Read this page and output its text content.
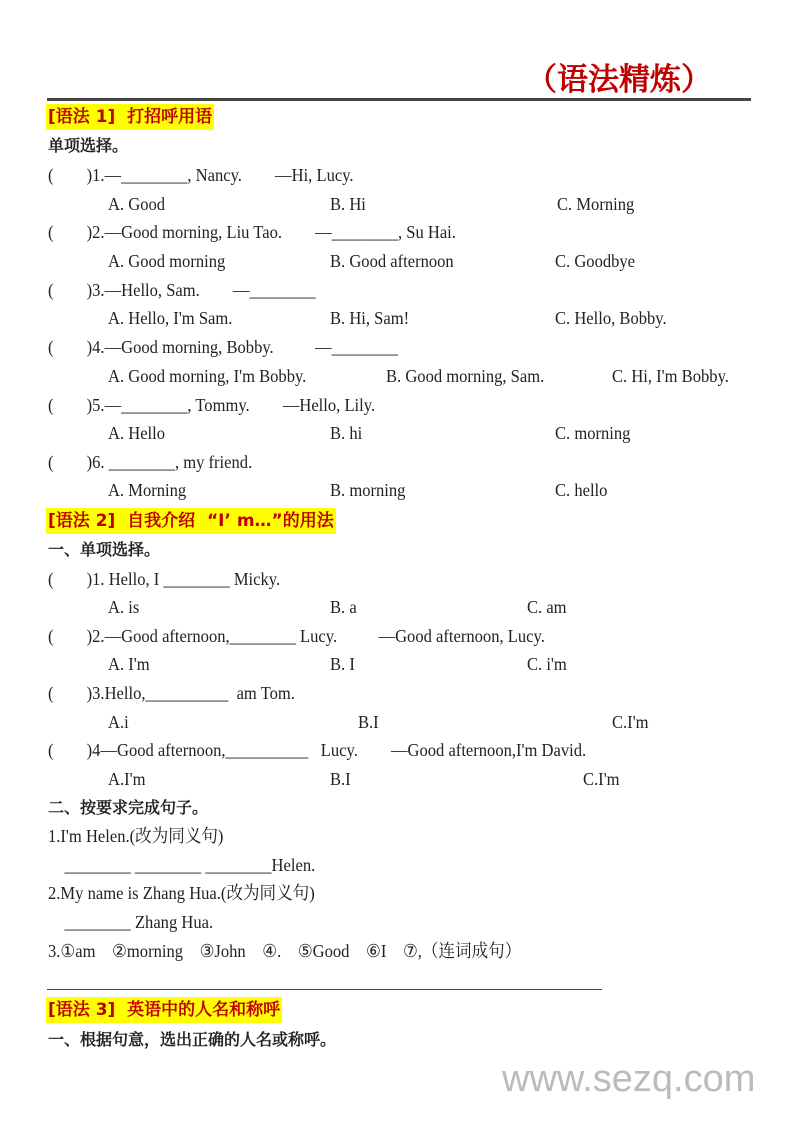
（语法精炼）
[语法 1]  打招呼用语
单项选择。
(        )1.—________, Nancy.        —Hi, Lucy.
A. Good	B. Hi	C. Morning
(        )2.—Good morning, Liu Tao.        —________, Su Hai.
A. Good morning	B. Good afternoon	C. Goodbye
(        )3.—Hello, Sam.        —________
A. Hello, I'm Sam.	B. Hi, Sam!	C. Hello, Bobby.
(        )4.—Good morning, Bobby.          —________
A. Good morning, I'm Bobby.	B. Good morning, Sam.	C. Hi, I'm Bobby.
(        )5.—________, Tommy.        —Hello, Lily.
A. Hello	B. hi	C. morning
(        )6. ________, my friend.
A. Morning	B. morning	C. hello
[语法 2]  自我介绍  “I’ m…”的用法
一、单项选择。
(        )1. Hello, I ________ Micky.
A. is	B. a	C. am
(        )2.—Good afternoon,________ Lucy.          —Good afternoon, Lucy.
A. I'm	B. I	C. i'm
(        )3.Hello,__________  am Tom.
A.i	B.I	C.I'm
(        )4—Good afternoon,__________   Lucy.        —Good afternoon,I'm David.
A.I'm	B.I	C.I'm
二、按要求完成句子。
1.I'm Helen.(改为同义句)
________ ________ ________Helen.
2.My name is Zhang Hua.(改为同义句)
________ Zhang Hua.
3.①am    ②morning    ③John    ④.    ⑤Good    ⑥I    ⑦,（连词成句）
[语法 3]  英语中的人名和称呼
一、根据句意，选出正确的人名或称呼。
www.sezq.com
